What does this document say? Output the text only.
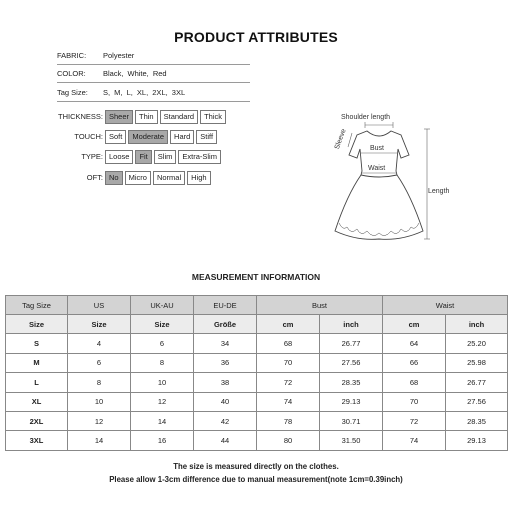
PRODUCT ATTRIBUTES
FABRIC:	Polyester
COLOR:	Black, White, Red
Tag Size:	S, M, L, XL, 2XL, 3XL
THICKNESS: Sheer	Thin	Standard	Thick
TOUCH: Soft	Moderate	Hard	Stiff
TYPE: Loose	Fit	Slim	Extra-Slim
OFT: No	Micro	Normal	High
Shoulder length
Sleeve	Bust
Waist
Length
MEASUREMENT INFORMATION
Tag Size	US	UK-AU	EU-DE	Bust		Waist	
Size	Size	Size	Größe	cm	inch	cm	inch
S	4	6	34	68	26.77	64	25.20
M	6	8	36	70	27.56	66	25.98
L	8	10	38	72	28.35	68	26.77
XL	10	12	40	74	29.13	70	27.56
2XL	12	14	42	78	30.71	72	28.35
3XL	14	16	44	80	31.50	74	29.13
The size is measured directly on the clothes.
Please allow 1-3cm difference due to manual measurement(note 1cm=0.39inch)
